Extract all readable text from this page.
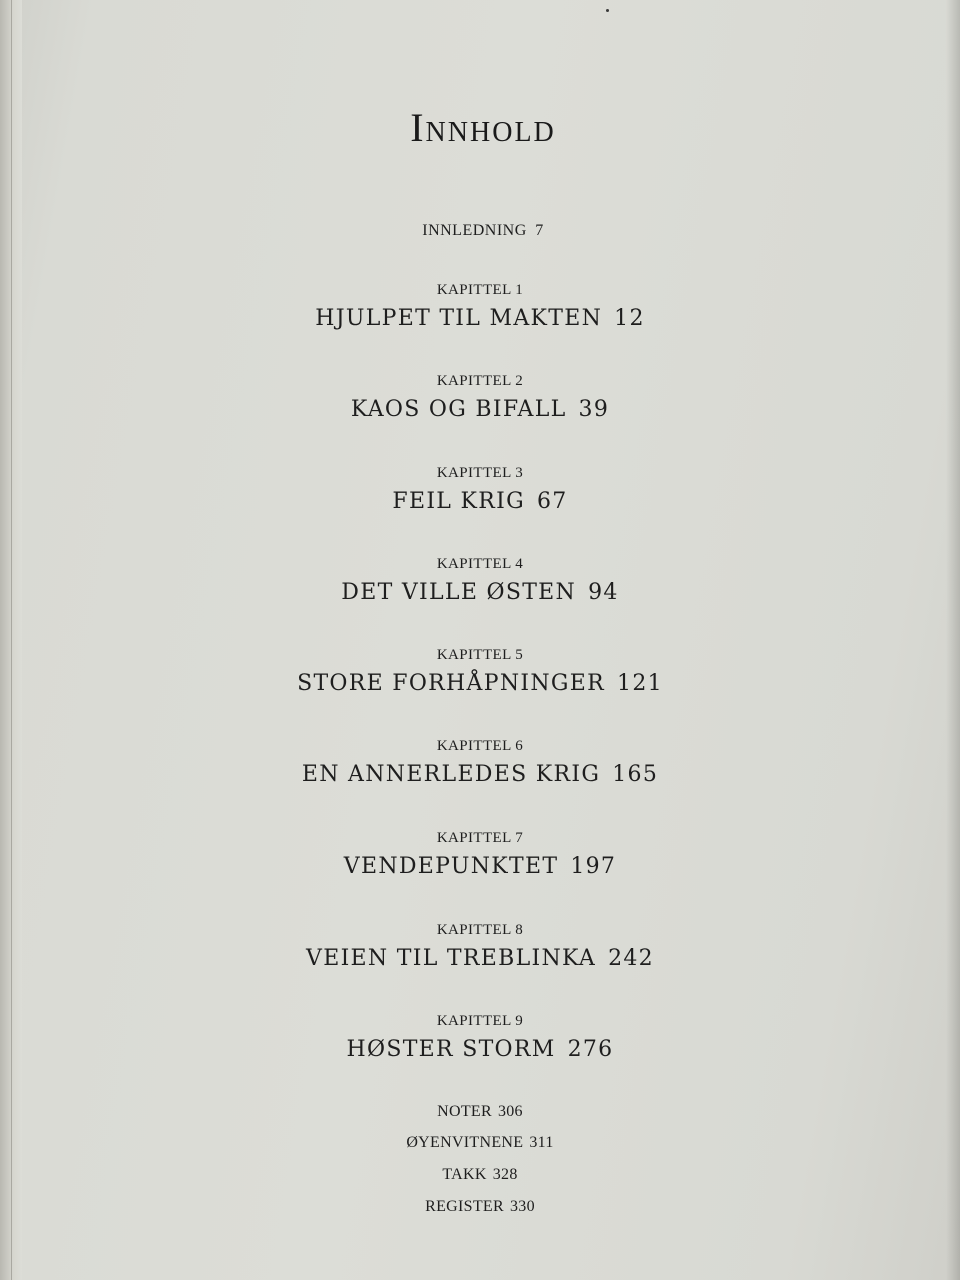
Innhold
INNLEDNING 7
KAPITTEL 1
HJULPET TIL MAKTEN 12
KAPITTEL 2
KAOS OG BIFALL 39
KAPITTEL 3
FEIL KRIG 67
KAPITTEL 4
DET VILLE ØSTEN 94
KAPITTEL 5
STORE FORHÅPNINGER 121
KAPITTEL 6
EN ANNERLEDES KRIG 165
KAPITTEL 7
VENDEPUNKTET 197
KAPITTEL 8
VEIEN TIL TREBLINKA 242
KAPITTEL 9
HØSTER STORM 276
NOTER 306
ØYENVITNENE 311
TAKK 328
REGISTER 330
